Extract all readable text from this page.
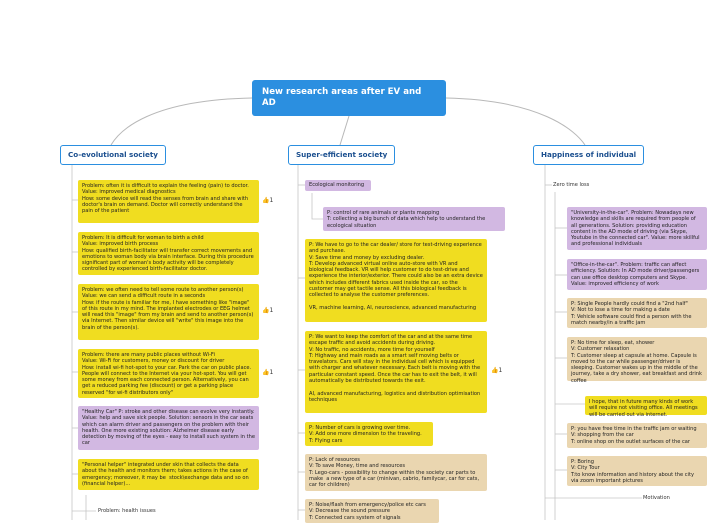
New research areas after EV and AD
Co-evolutional society	Super-efficient society	Happiness of individual
Problem: often it is difficult to explain the feeling (pain) to doctor.
Value: improved medical diagnostics
How: some device will read the senses from brain and share with doctor's brain on demand. Doctor will correctly understand the pain of the patient
👍1
Problem: It is difficult for woman to birth a child
Value: improved birth process
How: qualified birth-facilitator will transfer correct movements and emotions to woman body via brain interface. During this procedure significant part of woman's body activity will be completely controlled by experienced birth-facilitator doctor.
Problem: we often need to tell some route to another person(s)
Value: we can send a difficult route in a seconds
How: if the route is familiar for me, I have something like "image" of this route in my mind. The implanted electrodes or EEG helmet will read this "image" from my brain and send to another person(s) via Internet. Then similar device will "write" this image into the brain of the person(s).
👍1
Problem: there are many public places without Wi-Fi
Value: Wi-Fi for customers, money or discount for driver
How: install wi-fi hot-spot to your car. Park the car on public place. People will connect to the Internet via your hot-spot. You will get some money from each connected person. Alternatively, you can get a reduced parking fee (discount) or get a parking place reserved "for wi-fi distributors only"
👍1
"Healthy Car" P: stroke and other disease can evolve very instantly. Value: help and save sick people. Solution: sensors in the car seats which can alarm driver and passengers on the problem with their health. One more existing solution: Alzheimer disease early detection by moving of the eyes - easy to install such system in the car
"Personal helper" integrated under skin that collects the data about the health and monitors them; takes actions in the case of emergency; moreover, it may be  stock\exchange data and so on (financial helper)...
Problem: health issues
Ecological monitoring
P: control of rare animals or plants mapping
T: collecting a big bunch of data which help to understand the ecological situation
P: We have to go to the car dealer/ store for test-driving experience and purchase.
V: Save time and money by excluding dealer.
T: Develop advanced virtual online auto-store with VR and biological feedback. VR will help customer to do test-drive and experience the interior/exterior. There could also be an extra device which includes different fabrics used inside the car, so the customer may get tactile sense. All this biological feedback is collected to analyse the customer preferences.

VR, machine learning, AI, neuroscience, advanced manufacturing
P: We want to keep the comfort of the car and at the same time escape traffic and avoid accidents during driving.
V: No traffic, no accidents, more time for yourself
T: Highway and main roads as a smart self moving belts or travelators. Cars will stay in the individual cell which is equipped with charger and whatever necessary. Each belt is moving with the particular constant speed. Once the car has to exit the belt, it will automatically be distributed towards the exit.

AI, advanced manufacturing, logistics and distribution optimisation techniques
👍1
P: Number of cars is growing over time.
V: Add one more dimension to the traveling.
T: Flying cars
P: Lack of resources
V: To save Money, time and resources
T: Lego-cars - possibility to change within the society car parts to make  a new type of a car (minivan, cabrio, familycar, car for cats, car for children)
P: Noise/flash from emergency/police etc cars
V: Decrease the sound pressure
T: Connected cars system of signals
Zero time loss
"University-in-the-car". Problem: Nowadays new knowledge and skills are required from people of all generations. Solution: providing education content in the AD mode of driving (via Skype, Youtube in the connected car". Value: more skillful and professional individuals
"Office-in-the-car". Problem: traffic can affect efficiency. Solution: In AD mode driver/passengers can use office desktop computers and Skype. Value: improved efficiency of work
P: Single People hardly could find a "2nd half"
V: Not to lose a time for making a date
T: Vehicle software could find a person with the match nearby/in a traffic jam
P: No time for sleep, eat, shower
V: Customer relaxation
T: Customer sleep at capsule at home. Capsule is moved to the car while passenger/driver is sleeping. Customer wakes up in the middle of the journey, take a dry shower, eat breakfast and drink coffee
I hope, that in future many kinds of work will require not visiting office. All meetings will be carried out via internet.
P: you have free time in the traffic jam or waiting
V: shopping from the car
T: online shop on the outlet surfaces of the car
P: Boring
V: City Tour
T:to know information and history about the city via zoom important pictures
Motivation
